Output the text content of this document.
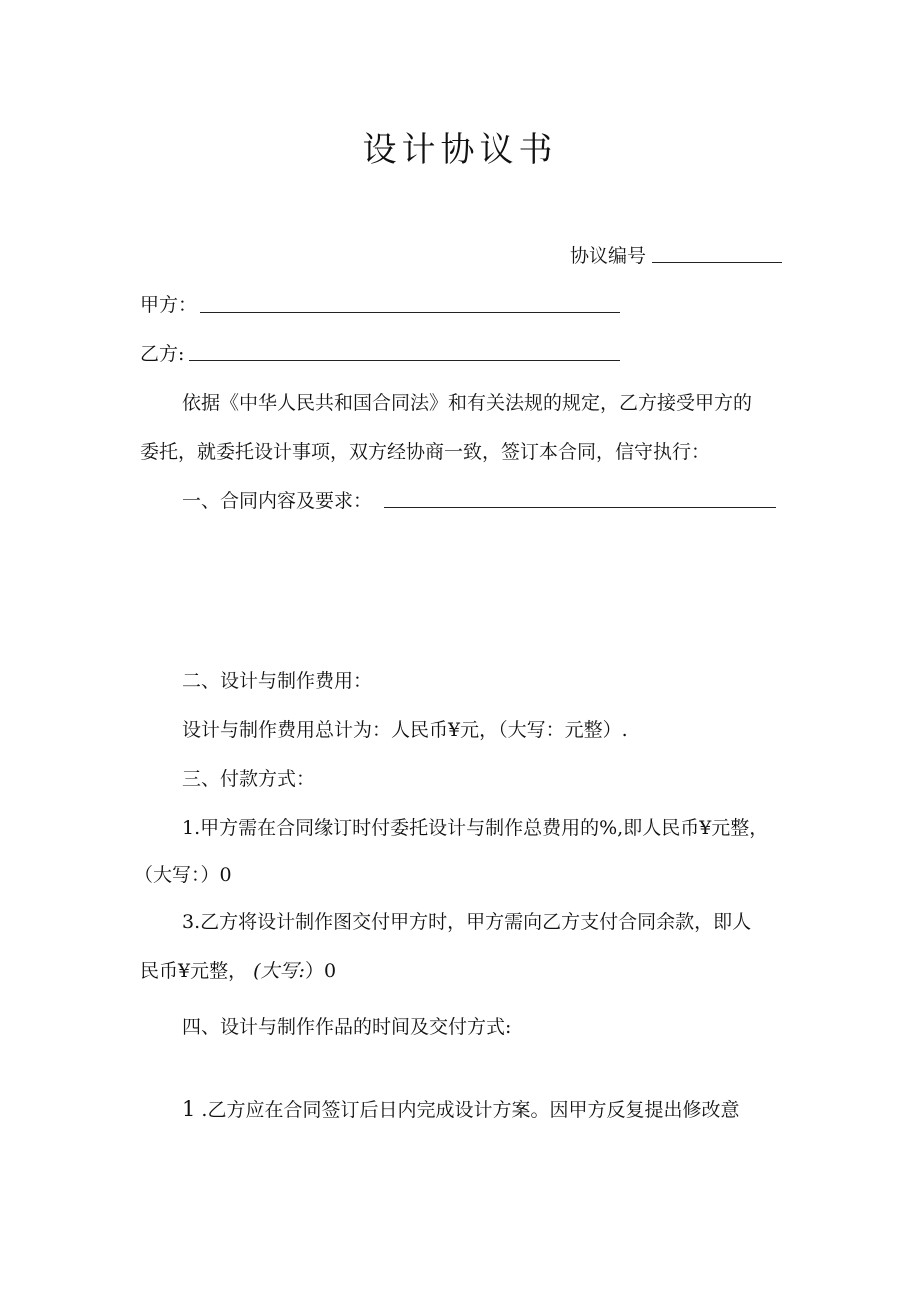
设计协议书
协议编号
甲方：
乙方:
依据《中华人民共和国合同法》和有关法规的规定，乙方接受甲方的
委托，就委托设计事项，双方经协商一致，签订本合同，信守执行：
一、合同内容及要求：
二、设计与制作费用：
设计与制作费用总计为：人民币¥元，（大写：元整）.
三、付款方式：
1.甲方需在合同缘订时付委托设计与制作总费用的%,即人民币¥元整，
（大写：）0
3.乙方将设计制作图交付甲方时，甲方需向乙方支付合同余款，即人
民币¥元整， (大写:）0
四、设计与制作作品的时间及交付方式:
1 .乙方应在合同签订后日内完成设计方案。因甲方反复提出修改意
